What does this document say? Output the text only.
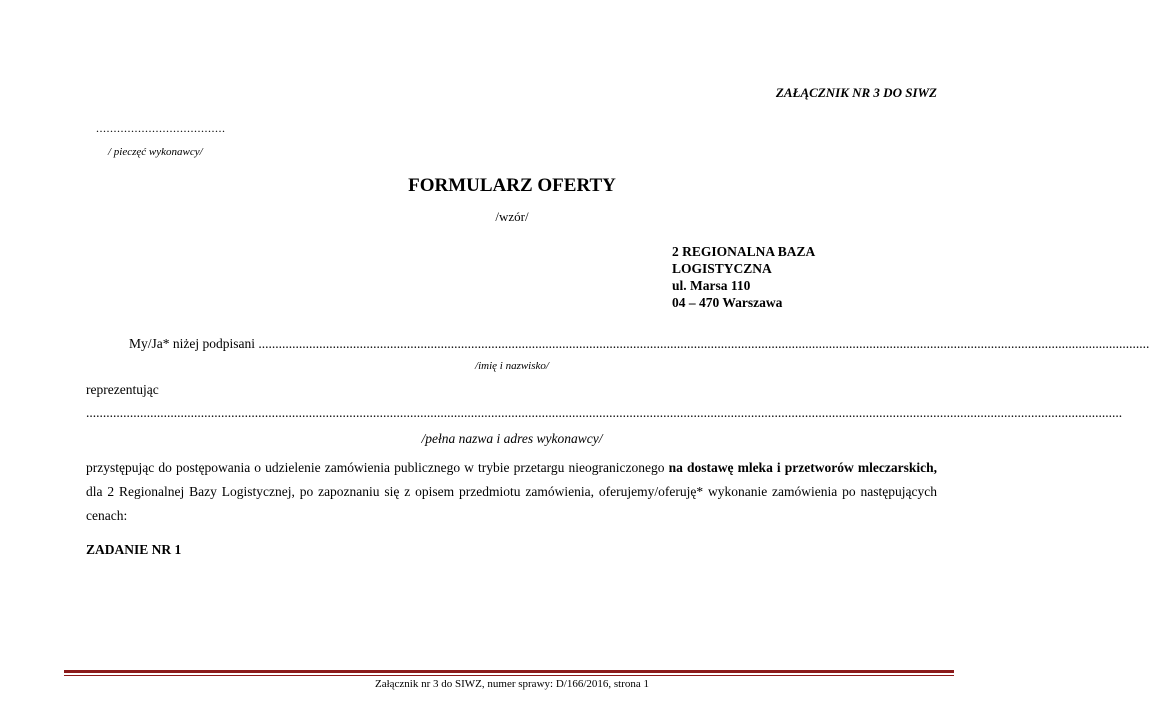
ZAŁĄCZNIK NR 3 DO SIWZ
.....................................
/ pieczęć wykonawcy/
FORMULARZ OFERTY
/wzór/
2 REGIONALNA BAZA
LOGISTYCZNA
ul. Marsa 110
04 – 470 Warszawa
My/Ja* niżej podpisani ........................................................................................................................................................................................................................................................................
/imię i nazwisko/
reprezentując
...................................................................................................................................................................................................................................................................................................................
/pełna nazwa i adres wykonawcy/
przystępując do postępowania o udzielenie zamówienia publicznego w trybie przetargu nieograniczonego na dostawę mleka i przetworów mleczarskich, dla 2 Regionalnej Bazy Logistycznej, po zapoznaniu się z opisem przedmiotu zamówienia, oferujemy/oferuję* wykonanie zamówienia po następujących cenach:
ZADANIE NR 1
Załącznik nr 3 do SIWZ, numer sprawy: D/166/2016, strona 1
